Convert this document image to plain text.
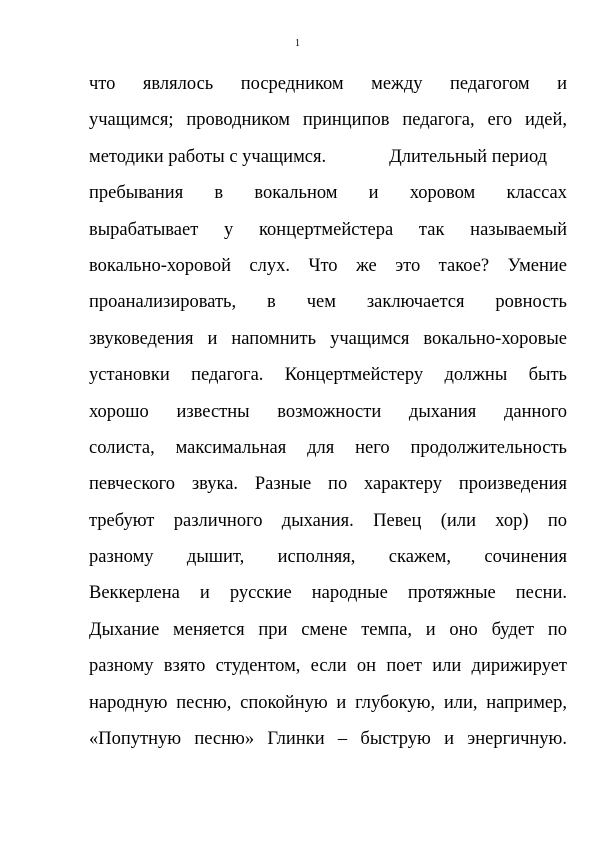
1
что являлось посредником между педагогом и
учащимся; проводником принципов педагога, его идей,
методики работы с учащимся.	Длительный период
пребывания в вокальном и хоровом классах
вырабатывает у концертмейстера так называемый
вокально-хоровой слух. Что же это такое? Умение
проанализировать, в чем заключается ровность
звуковедения и напомнить учащимся вокально-хоровые
установки педагога. Концертмейстеру должны быть
хорошо известны возможности дыхания данного
солиста, максимальная для него продолжительность
певческого звука. Разные по характеру произведения
требуют различного дыхания. Певец (или хор) по
разному дышит, исполняя, скажем, сочинения
Веккерлена и русские народные протяжные песни.
Дыхание меняется при смене темпа, и оно будет по
разному взято студентом, если он поет или дирижирует
народную песню, спокойную и глубокую, или, например,
«Попутную песню» Глинки – быструю и энергичную.
